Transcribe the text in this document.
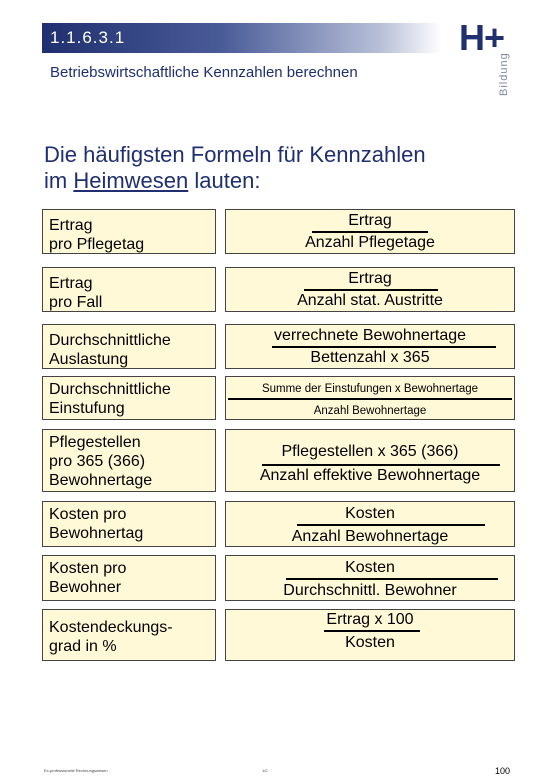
1.1.6.3.1
Betriebswirtschaftliche Kennzahlen berechnen
H+
Bildung
Die häufigsten Formeln für Kennzahlen
im Heimwesen lauten:
Ertrag
pro Pflegetag
Ertrag
Anzahl Pflegetage
Ertrag
pro Fall
Ertrag
Anzahl stat. Austritte
Durchschnittliche
Auslastung
verrechnete Bewohnertage
Bettenzahl x 365
Durchschnittliche
Einstufung
Summe der Einstufungen x Bewohnertage
Anzahl Bewohnertage
Pflegestellen
pro 365 (366)
Bewohnertage
Pflegestellen x 365 (366)
Anzahl effektive Bewohnertage
Kosten pro
Bewohnertag
Kosten
Anzahl Bewohnertage
Kosten pro
Bewohner
Kosten
Durchschnittl. Bewohner
Kostendeckungs-
grad in %
Ertrag x 100
Kosten
Ex-professionelle Rechnungswesen	1/2	100
